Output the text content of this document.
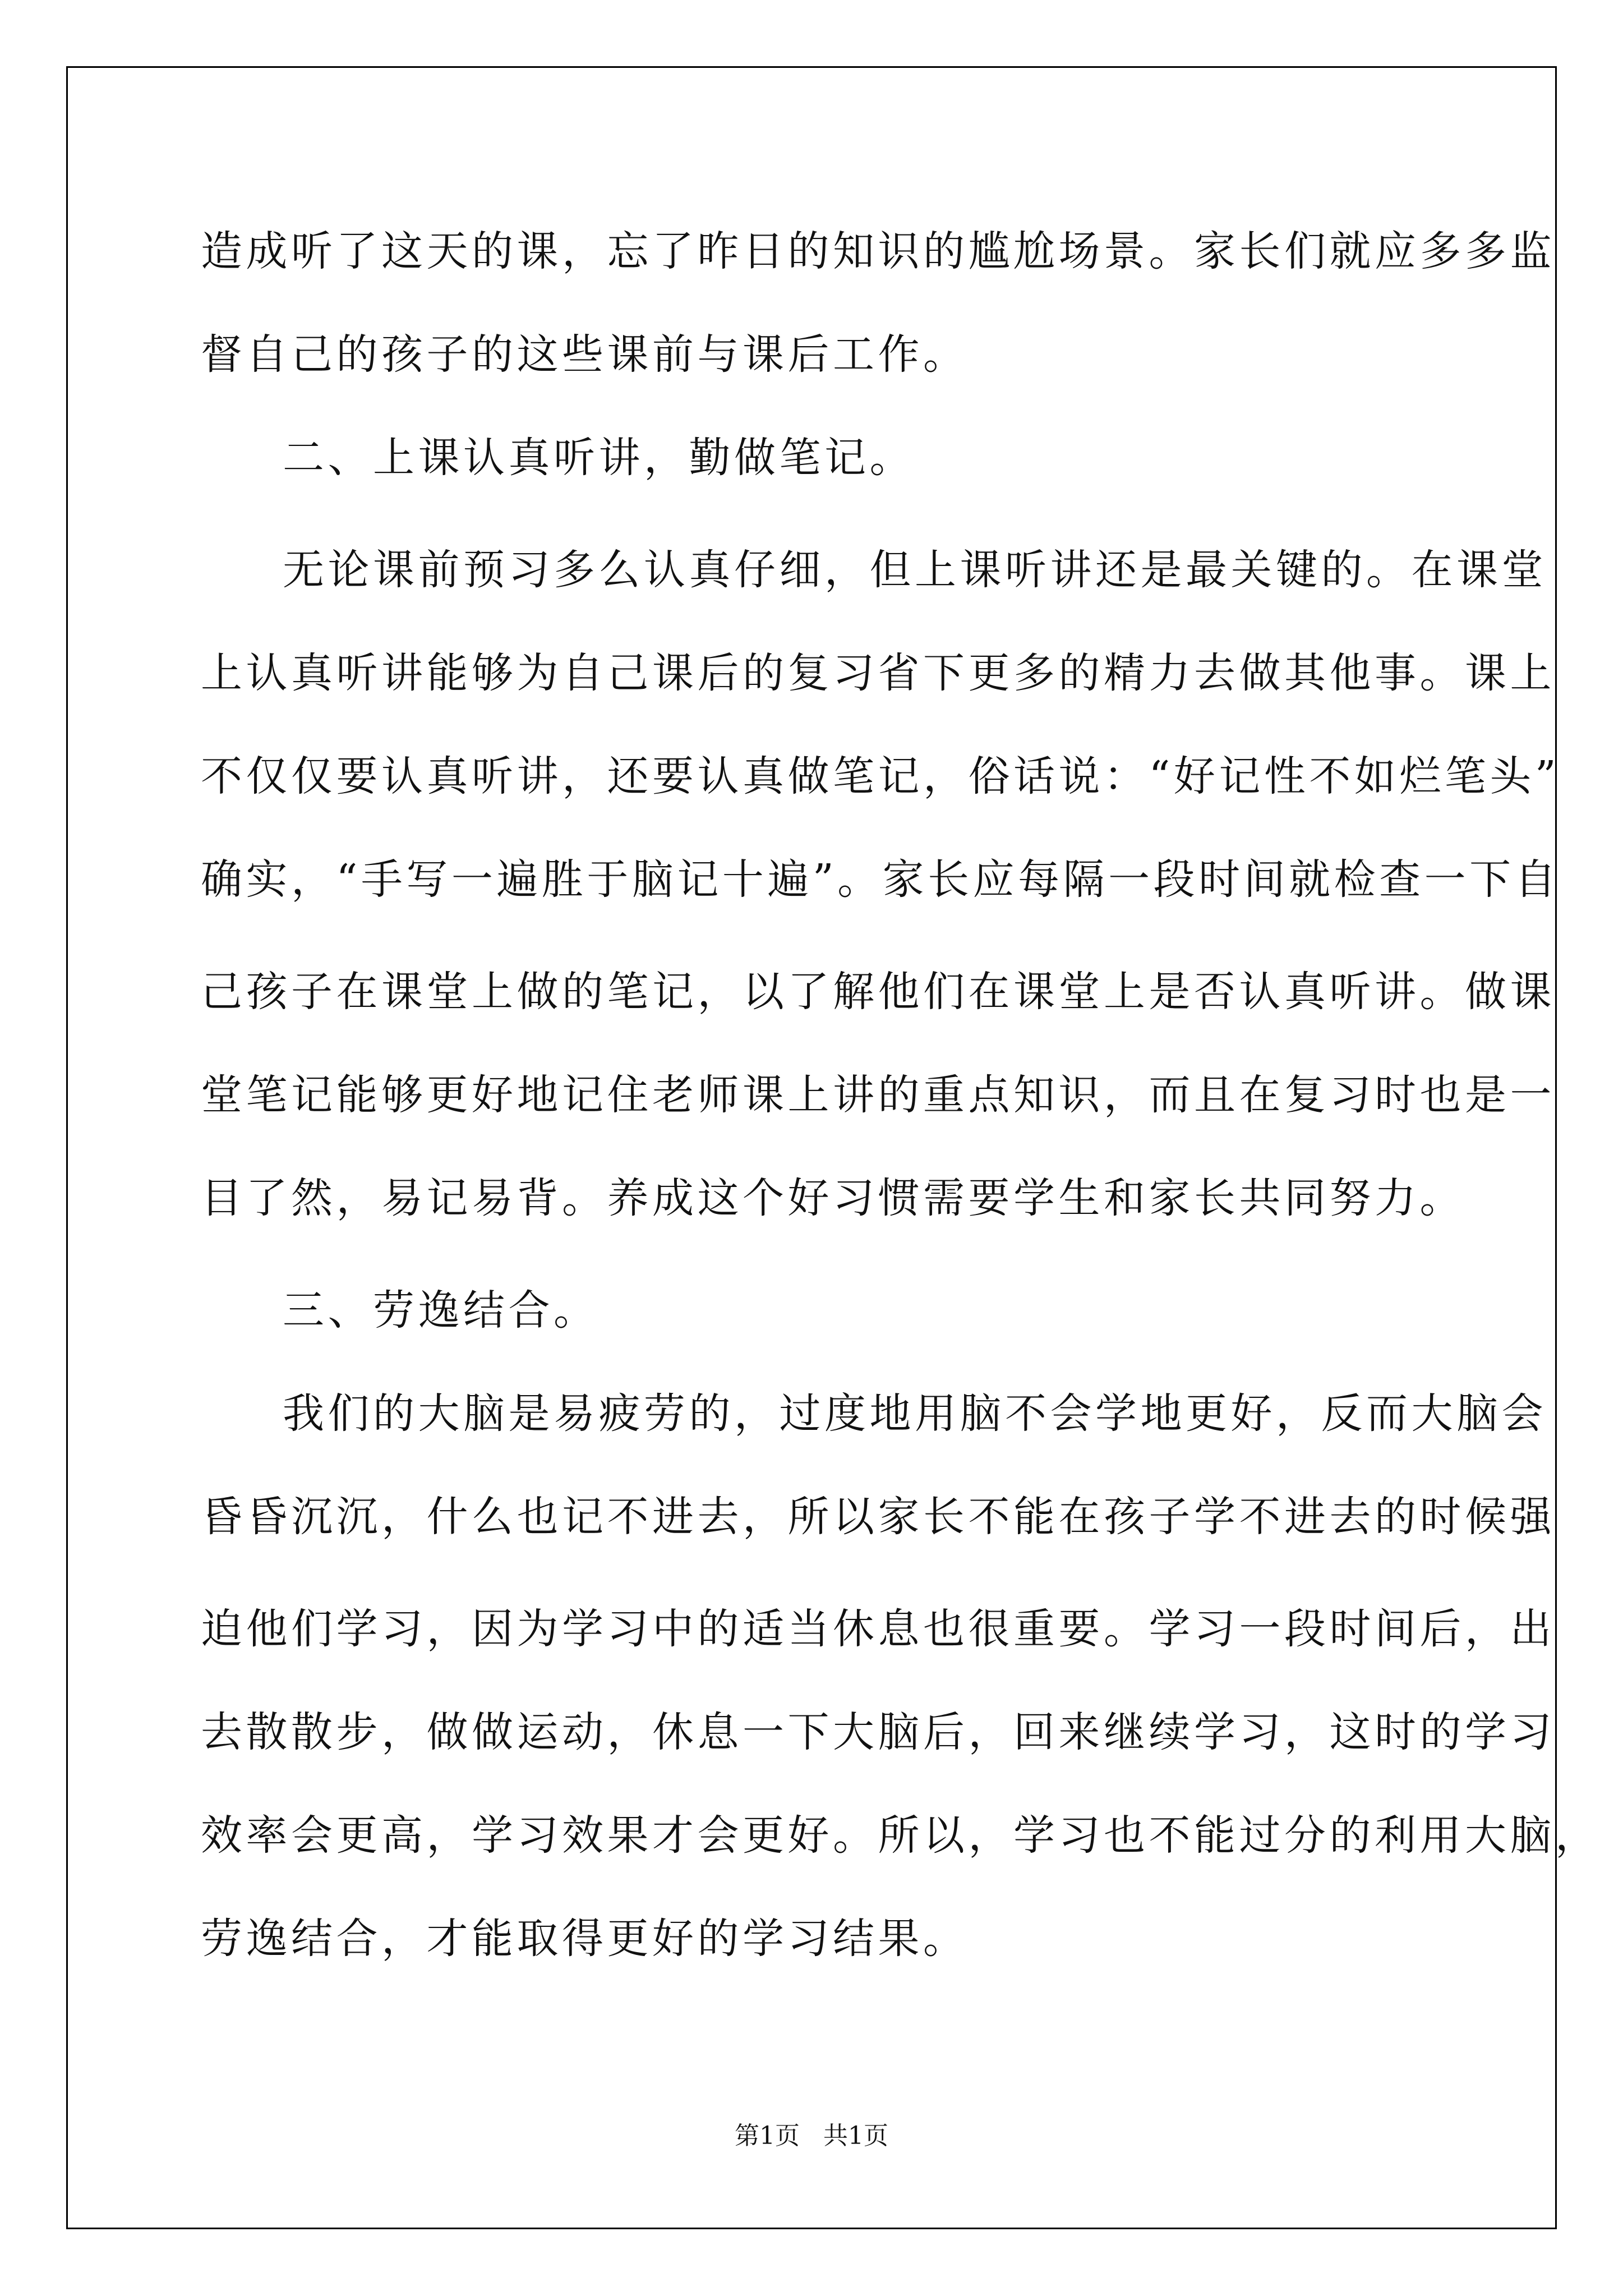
造成听了这天的课，忘了昨日的知识的尴尬场景。家长们就应多多监
督自己的孩子的这些课前与课后工作。
二、上课认真听讲，勤做笔记。
无论课前预习多么认真仔细，但上课听讲还是最关键的。在课堂
上认真听讲能够为自己课后的复习省下更多的精力去做其他事。课上
不仅仅要认真听讲，还要认真做笔记，俗话说：“好记性不如烂笔头”
确实，“手写一遍胜于脑记十遍”。家长应每隔一段时间就检查一下自
己孩子在课堂上做的笔记，以了解他们在课堂上是否认真听讲。做课
堂笔记能够更好地记住老师课上讲的重点知识，而且在复习时也是一
目了然，易记易背。养成这个好习惯需要学生和家长共同努力。
三、劳逸结合。
我们的大脑是易疲劳的，过度地用脑不会学地更好，反而大脑会
昏昏沉沉，什么也记不进去，所以家长不能在孩子学不进去的时候强
迫他们学习，因为学习中的适当休息也很重要。学习一段时间后，出
去散散步，做做运动，休息一下大脑后，回来继续学习，这时的学习
效率会更高，学习效果才会更好。所以，学习也不能过分的利用大脑，
劳逸结合，才能取得更好的学习结果。
第1页   共1页
